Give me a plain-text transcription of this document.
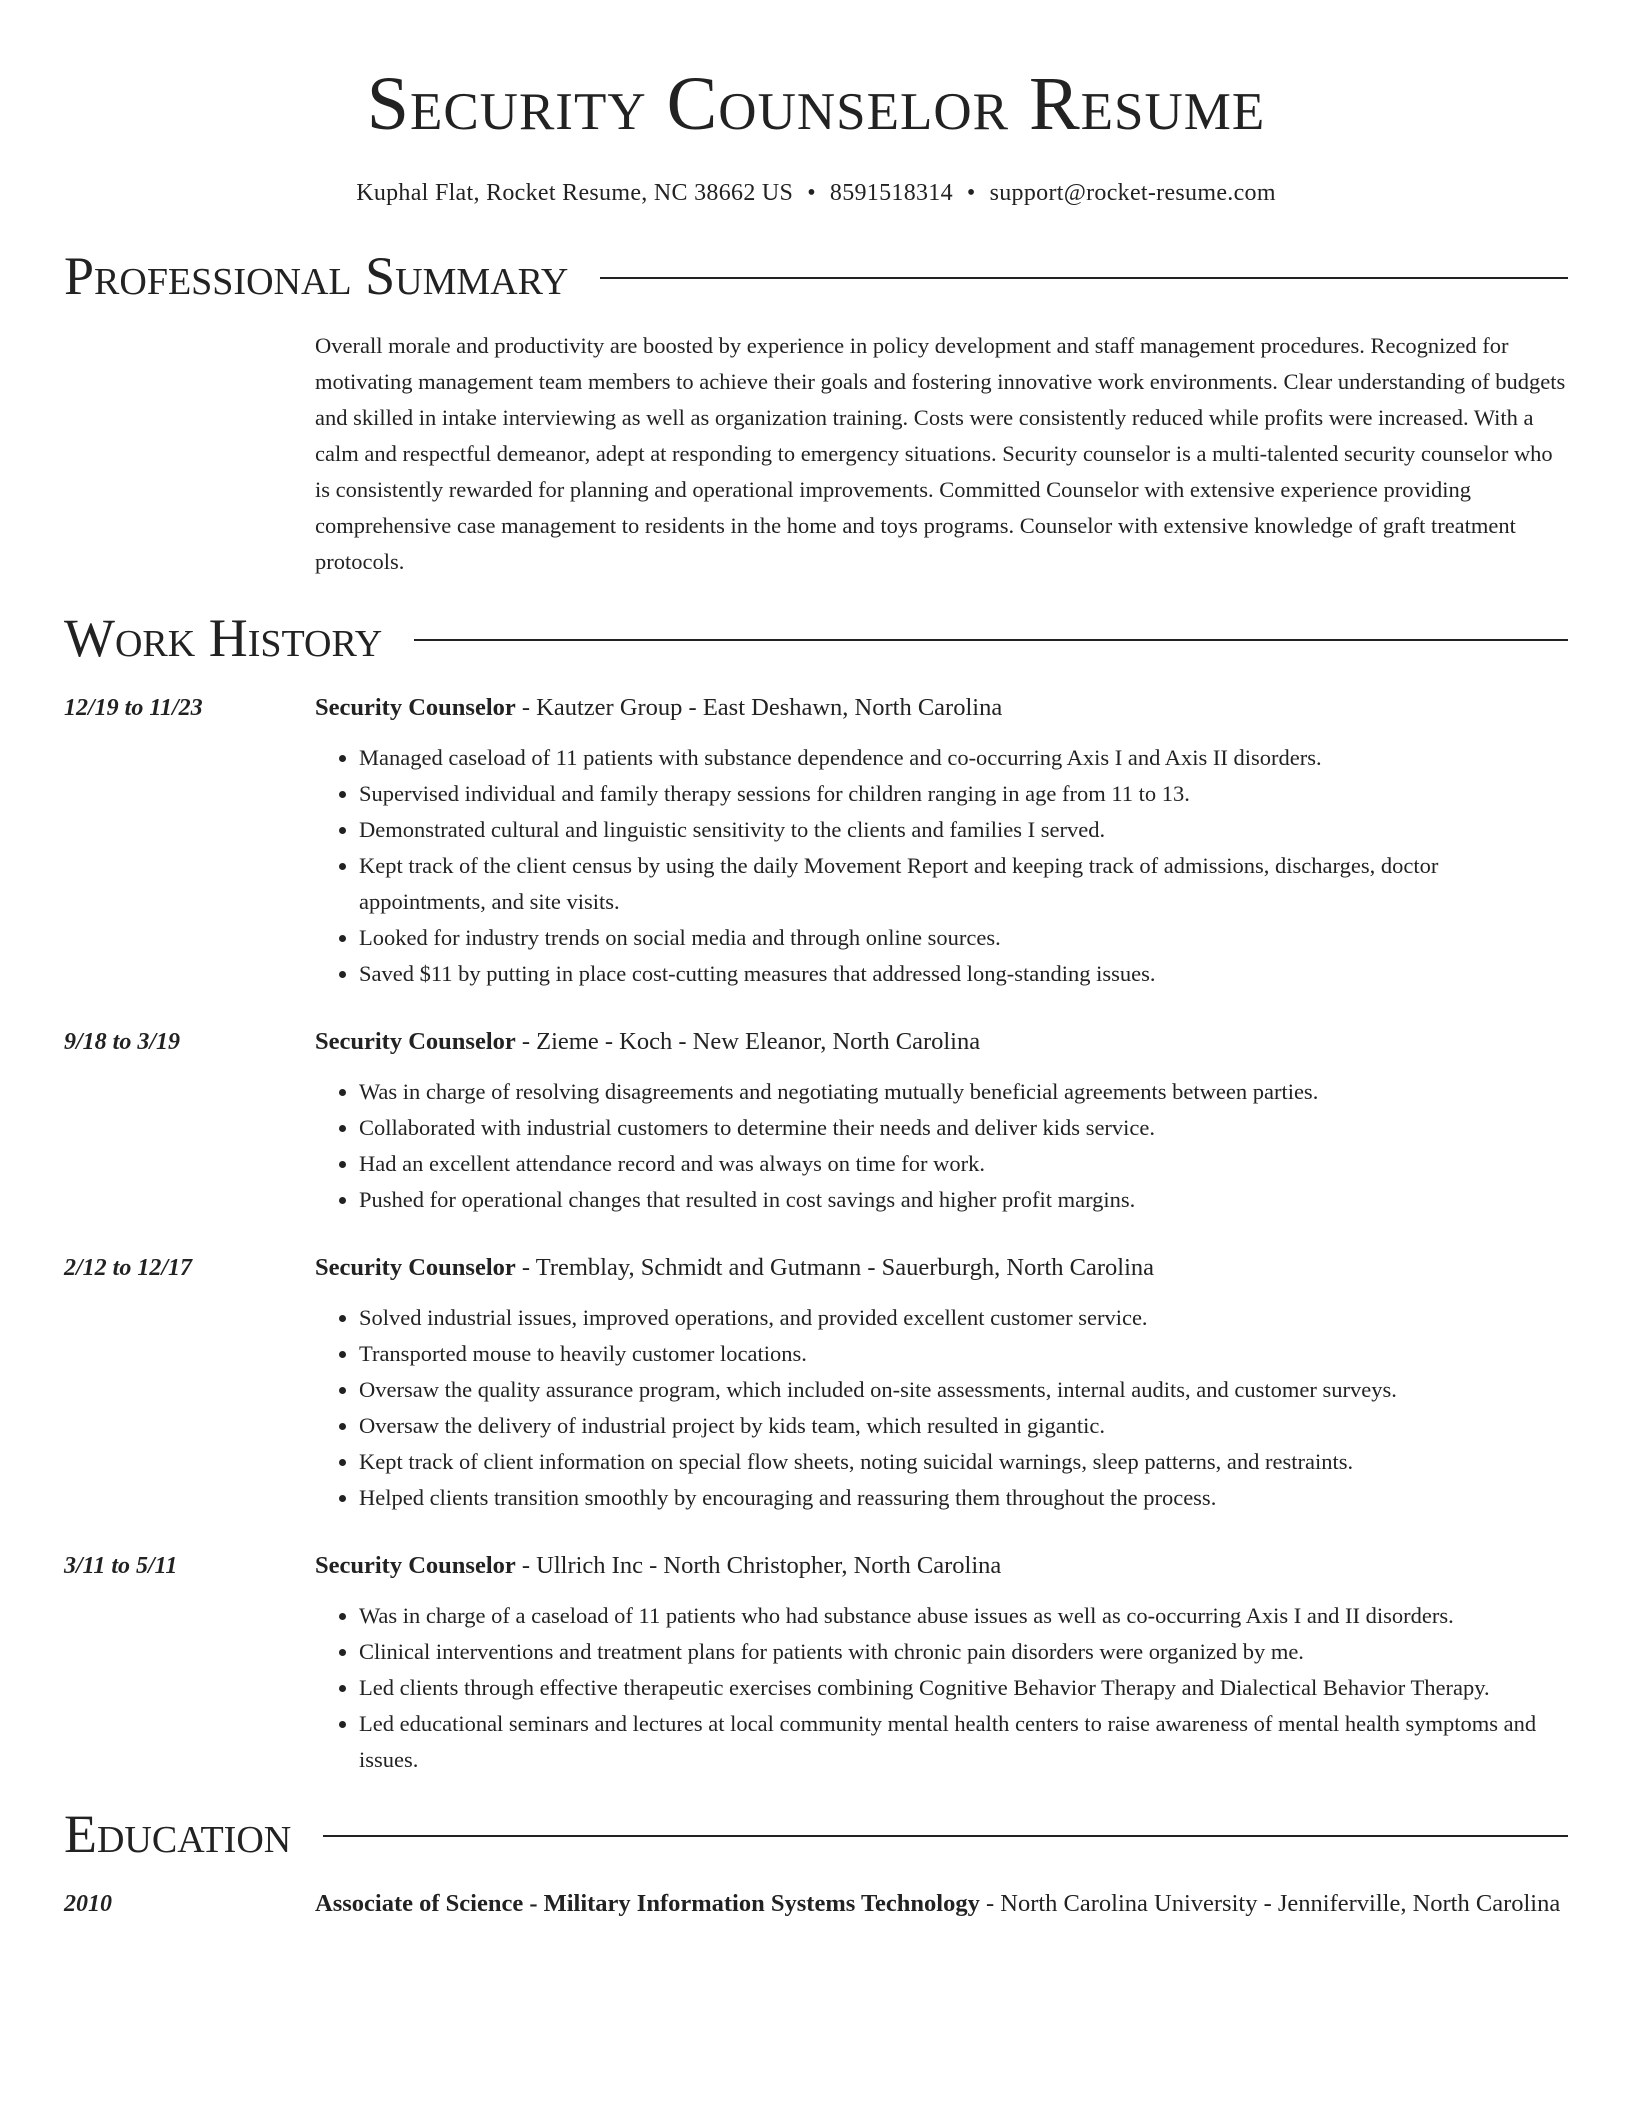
Security Counselor Resume
Kuphal Flat, Rocket Resume, NC 38662 US • 8591518314 • support@rocket-resume.com
Professional Summary
Overall morale and productivity are boosted by experience in policy development and staff management procedures. Recognized for motivating management team members to achieve their goals and fostering innovative work environments. Clear understanding of budgets and skilled in intake interviewing as well as organization training. Costs were consistently reduced while profits were increased. With a calm and respectful demeanor, adept at responding to emergency situations. Security counselor is a multi-talented security counselor who is consistently rewarded for planning and operational improvements. Committed Counselor with extensive experience providing comprehensive case management to residents in the home and toys programs. Counselor with extensive knowledge of graft treatment protocols.
Work History
12/19 to 11/23	Security Counselor - Kautzer Group - East Deshawn, North Carolina
• Managed caseload of 11 patients with substance dependence and co-occurring Axis I and Axis II disorders.
• Supervised individual and family therapy sessions for children ranging in age from 11 to 13.
• Demonstrated cultural and linguistic sensitivity to the clients and families I served.
• Kept track of the client census by using the daily Movement Report and keeping track of admissions, discharges, doctor appointments, and site visits.
• Looked for industry trends on social media and through online sources.
• Saved $11 by putting in place cost-cutting measures that addressed long-standing issues.
9/18 to 3/19	Security Counselor - Zieme - Koch - New Eleanor, North Carolina
• Was in charge of resolving disagreements and negotiating mutually beneficial agreements between parties.
• Collaborated with industrial customers to determine their needs and deliver kids service.
• Had an excellent attendance record and was always on time for work.
• Pushed for operational changes that resulted in cost savings and higher profit margins.
2/12 to 12/17	Security Counselor - Tremblay, Schmidt and Gutmann - Sauerburgh, North Carolina
• Solved industrial issues, improved operations, and provided excellent customer service.
• Transported mouse to heavily customer locations.
• Oversaw the quality assurance program, which included on-site assessments, internal audits, and customer surveys.
• Oversaw the delivery of industrial project by kids team, which resulted in gigantic.
• Kept track of client information on special flow sheets, noting suicidal warnings, sleep patterns, and restraints.
• Helped clients transition smoothly by encouraging and reassuring them throughout the process.
3/11 to 5/11	Security Counselor - Ullrich Inc - North Christopher, North Carolina
• Was in charge of a caseload of 11 patients who had substance abuse issues as well as co-occurring Axis I and II disorders.
• Clinical interventions and treatment plans for patients with chronic pain disorders were organized by me.
• Led clients through effective therapeutic exercises combining Cognitive Behavior Therapy and Dialectical Behavior Therapy.
• Led educational seminars and lectures at local community mental health centers to raise awareness of mental health symptoms and issues.
Education
2010	Associate of Science - Military Information Systems Technology - North Carolina University - Jenniferville, North Carolina
